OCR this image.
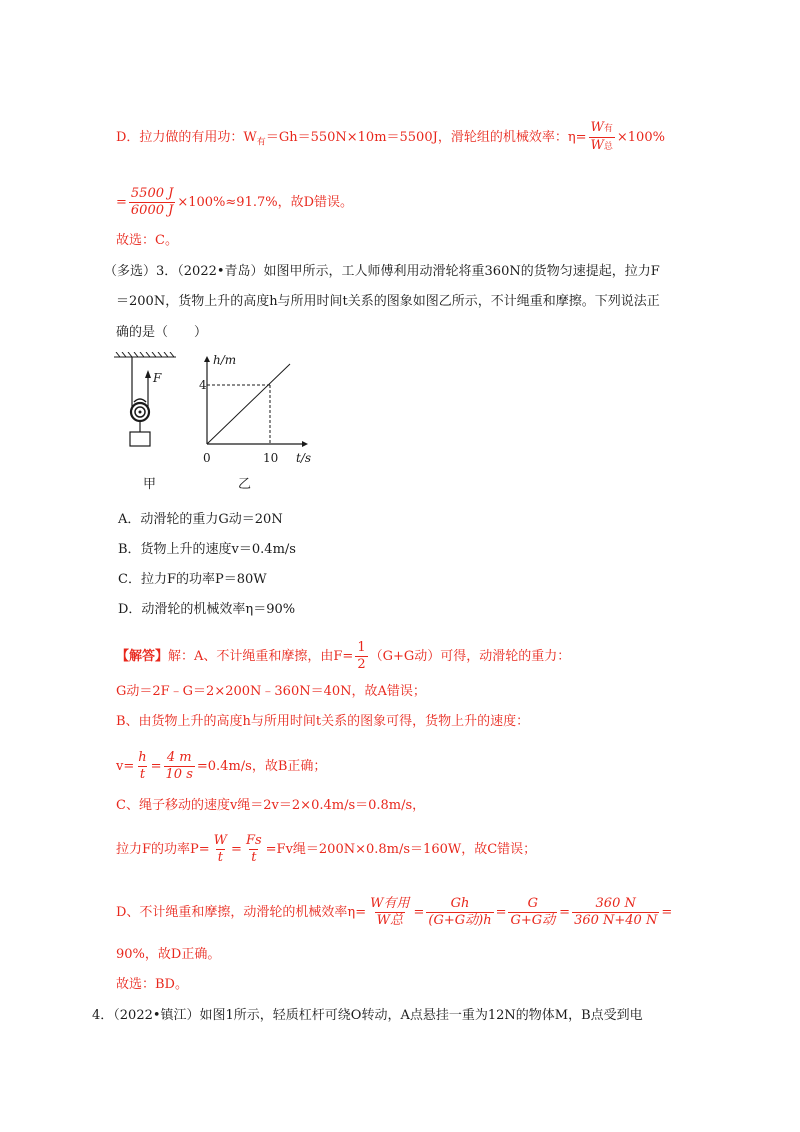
D．拉力做的有用功：$W_有=Gh=550N\times 10m=5500J$，滑轮组的机械效率：$\eta= \frac{\text{W有}}{\text{W总}} \times 100\%$
= $\frac{5500 J}{6000 J} \times 100\%\approx 91.7\%$，故D错误。
故选：C。
（多选）3．（2022•青岛）如图甲所示，工人师傅利用动滑轮将重360N的货物匀速提起，拉力F
＝200N，货物上升的高度h与所用时间t关系的图象如图乙所示，不计绳重和摩擦。下列说法正
确的是（　　）
F
h/m
4
t/s
10
0
甲	乙
A．动滑轮的重力G动＝20N
B．货物上升的速度v＝0.4m/s
C．拉力F的功率P＝80W
D．动滑轮的机械效率η＝90%
【解答】解：A、不计绳重和摩擦，由$F= \frac{1}{2} (G+G$动）可得，动滑轮的重力：
G动＝2F﹣G＝2×200N﹣360N＝40N，故A错误；
B、由货物上升的高度h与所用时间t关系的图象可得，货物上升的速度：
$v= \frac{h}{t} = \frac{4 m}{10 s} =0.4m/s$，故B正确；
C、绳子移动的速度v绳＝2v＝2×0.4m/s＝0.8m/s，
拉力F的功率$P= \frac{W}{t} = \frac{Fs}{t} =Fv$绳＝200N×0.8m/s＝160W，故C错误；
D、不计绳重和摩擦，动滑轮的机械效率$\eta= \frac{\text{W有用}}{\text{W总}} = \frac{Gh}{\text{(G+G动)h}} = \frac{G}{\text{G+G动}} = \frac{360 N}{360 N+40 N}$ =
90%，故D正确。
故选：BD。
4．（2022•镇江）如图1所示，轻质杠杆可绕O转动，A点悬挂一重为12N的物体M，B点受到电
